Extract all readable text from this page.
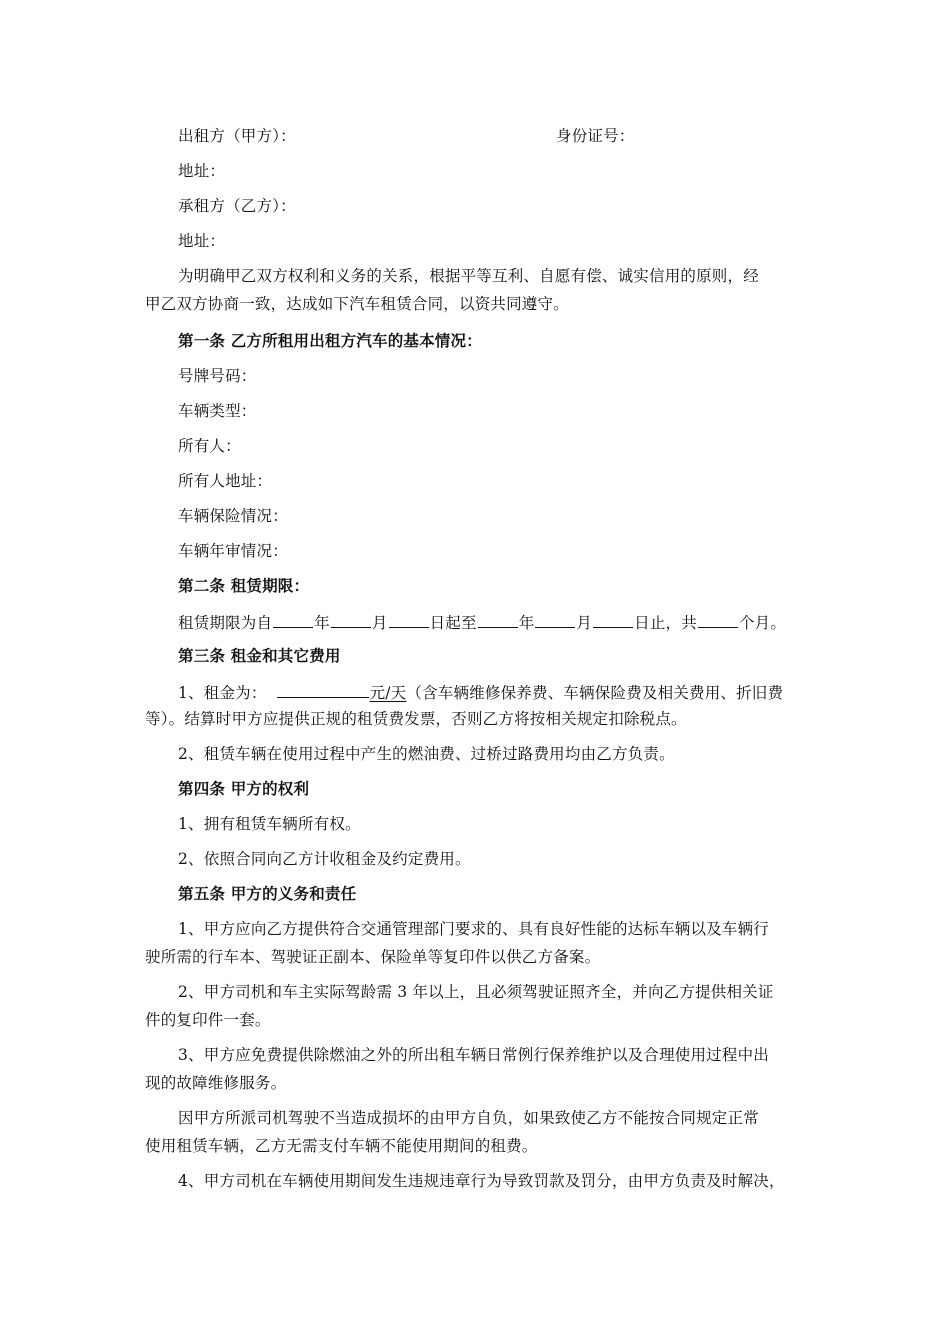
出租方（甲方）：	身份证号：
地址：
承租方（乙方）：
地址：
为明确甲乙双方权利和义务的关系，根据平等互利、自愿有偿、诚实信用的原则，经
甲乙双方协商一致，达成如下汽车租赁合同，以资共同遵守。
第一条 乙方所租用出租方汽车的基本情况：
号牌号码：
车辆类型：
所有人：
所有人地址：
车辆保险情况：
车辆年审情况：
第二条 租赁期限：
租赁期限为自	年	月	日起至	年	月	日止，共	个月。
第三条 租金和其它费用
1、租金为：	元/天（含车辆维修保养费、车辆保险费及相关费用、折旧费
等）。结算时甲方应提供正规的租赁费发票，否则乙方将按相关规定扣除税点。
2、租赁车辆在使用过程中产生的燃油费、过桥过路费用均由乙方负责。
第四条 甲方的权利
1、拥有租赁车辆所有权。
2、依照合同向乙方计收租金及约定费用。
第五条 甲方的义务和责任
1、甲方应向乙方提供符合交通管理部门要求的、具有良好性能的达标车辆以及车辆行
驶所需的行车本、驾驶证正副本、保险单等复印件以供乙方备案。
2、甲方司机和车主实际驾龄需 3 年以上，且必须驾驶证照齐全，并向乙方提供相关证
件的复印件一套。
3、甲方应免费提供除燃油之外的所出租车辆日常例行保养维护以及合理使用过程中出
现的故障维修服务。
因甲方所派司机驾驶不当造成损坏的由甲方自负，如果致使乙方不能按合同规定正常
使用租赁车辆，乙方无需支付车辆不能使用期间的租费。
4、甲方司机在车辆使用期间发生违规违章行为导致罚款及罚分，由甲方负责及时解决，
